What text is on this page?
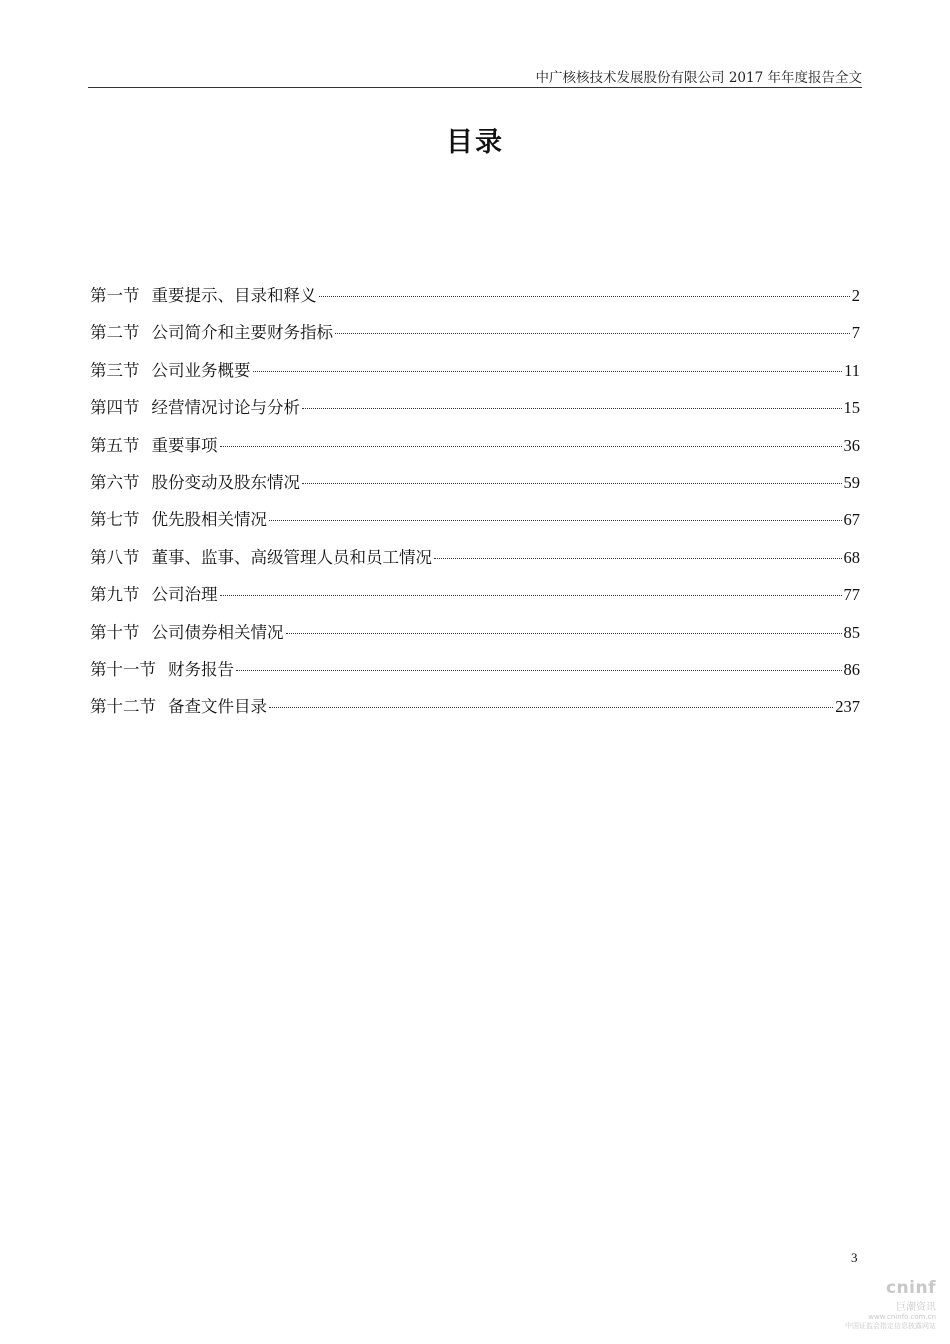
中广核核技术发展股份有限公司 2017 年年度报告全文
目录
第一节 重要提示、目录和释义	2
第二节 公司简介和主要财务指标	7
第三节 公司业务概要	11
第四节 经营情况讨论与分析	15
第五节 重要事项	36
第六节 股份变动及股东情况	59
第七节 优先股相关情况	67
第八节 董事、监事、高级管理人员和员工情况	68
第九节 公司治理	77
第十节 公司债券相关情况	85
第十一节 财务报告	86
第十二节 备查文件目录	237
3
cninf
巨潮资讯
www.cninfo.com.cn
中国证监会指定信息披露网站
